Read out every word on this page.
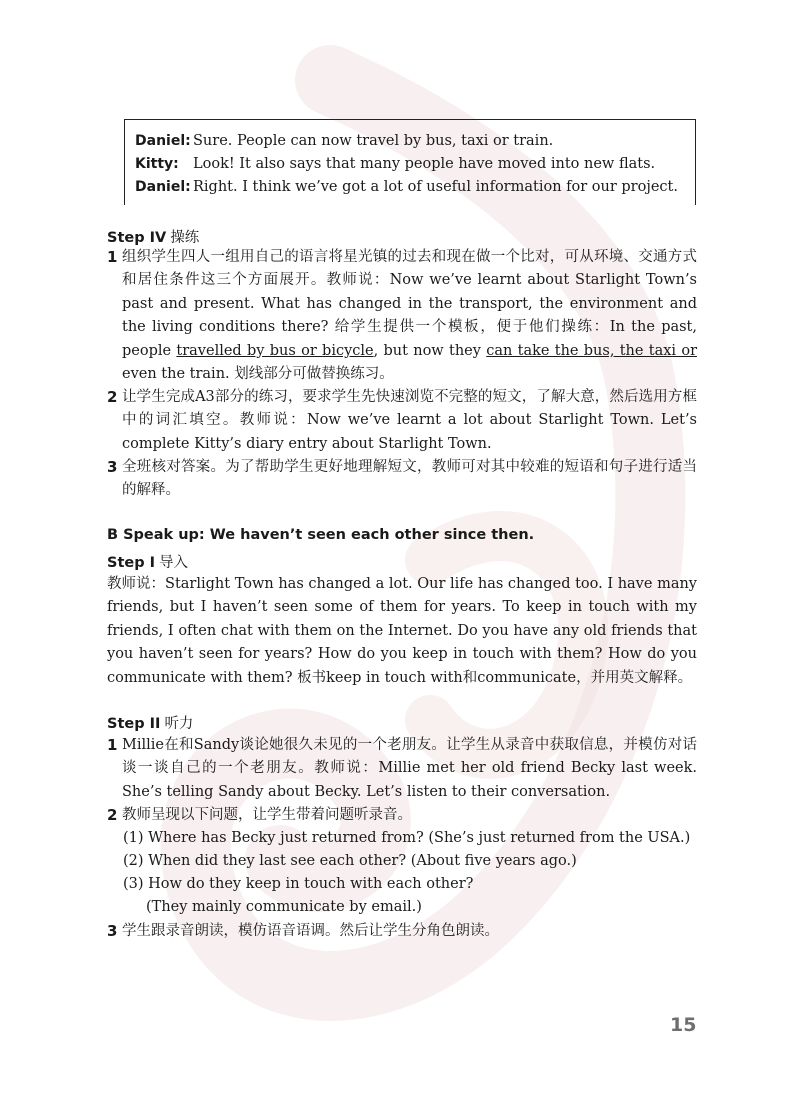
Daniel: Sure. People can now travel by bus, taxi or train.
Kitty: Look! It also says that many people have moved into new flats.
Daniel: Right. I think we’ve got a lot of useful information for our project.
Step IV 操练
1 组织学生四人一组用自己的语言将星光镇的过去和现在做一个比对，可从环境、交通方式和居住条件这三个方面展开。教师说：Now we’ve learnt about Starlight Town’s past and present. What has changed in the transport, the environment and the living conditions there? 给学生提供一个模板，便于他们操练：In the past, people travelled by bus or bicycle, but now they can take the bus, the taxi or even the train. 划线部分可做替换练习。
2 让学生完成A3部分的练习，要求学生先快速浏览不完整的短文，了解大意，然后选用方框中的词汇填空。教师说：Now we’ve learnt a lot about Starlight Town. Let’s complete Kitty’s diary entry about Starlight Town.
3 全班核对答案。为了帮助学生更好地理解短文，教师可对其中较难的短语和句子进行适当的解释。
B Speak up: We haven’t seen each other since then.
Step I 导入
教师说：Starlight Town has changed a lot. Our life has changed too. I have many friends, but I haven’t seen some of them for years. To keep in touch with my friends, I often chat with them on the Internet. Do you have any old friends that you haven’t seen for years? How do you keep in touch with them? How do you communicate with them? 板书keep in touch with和communicate，并用英文解释。
Step II 听力
1 Millie在和Sandy谈论她很久未见的一个老朋友。让学生从录音中获取信息，并模仿对话谈一谈自己的一个老朋友。教师说：Millie met her old friend Becky last week. She’s telling Sandy about Becky. Let’s listen to their conversation.
2 教师呈现以下问题，让学生带着问题听录音。
(1) Where has Becky just returned from? (She’s just returned from the USA.)
(2) When did they last see each other? (About five years ago.)
(3) How do they keep in touch with each other?
(They mainly communicate by email.)
3 学生跟录音朗读，模仿语音语调。然后让学生分角色朗读。
15
